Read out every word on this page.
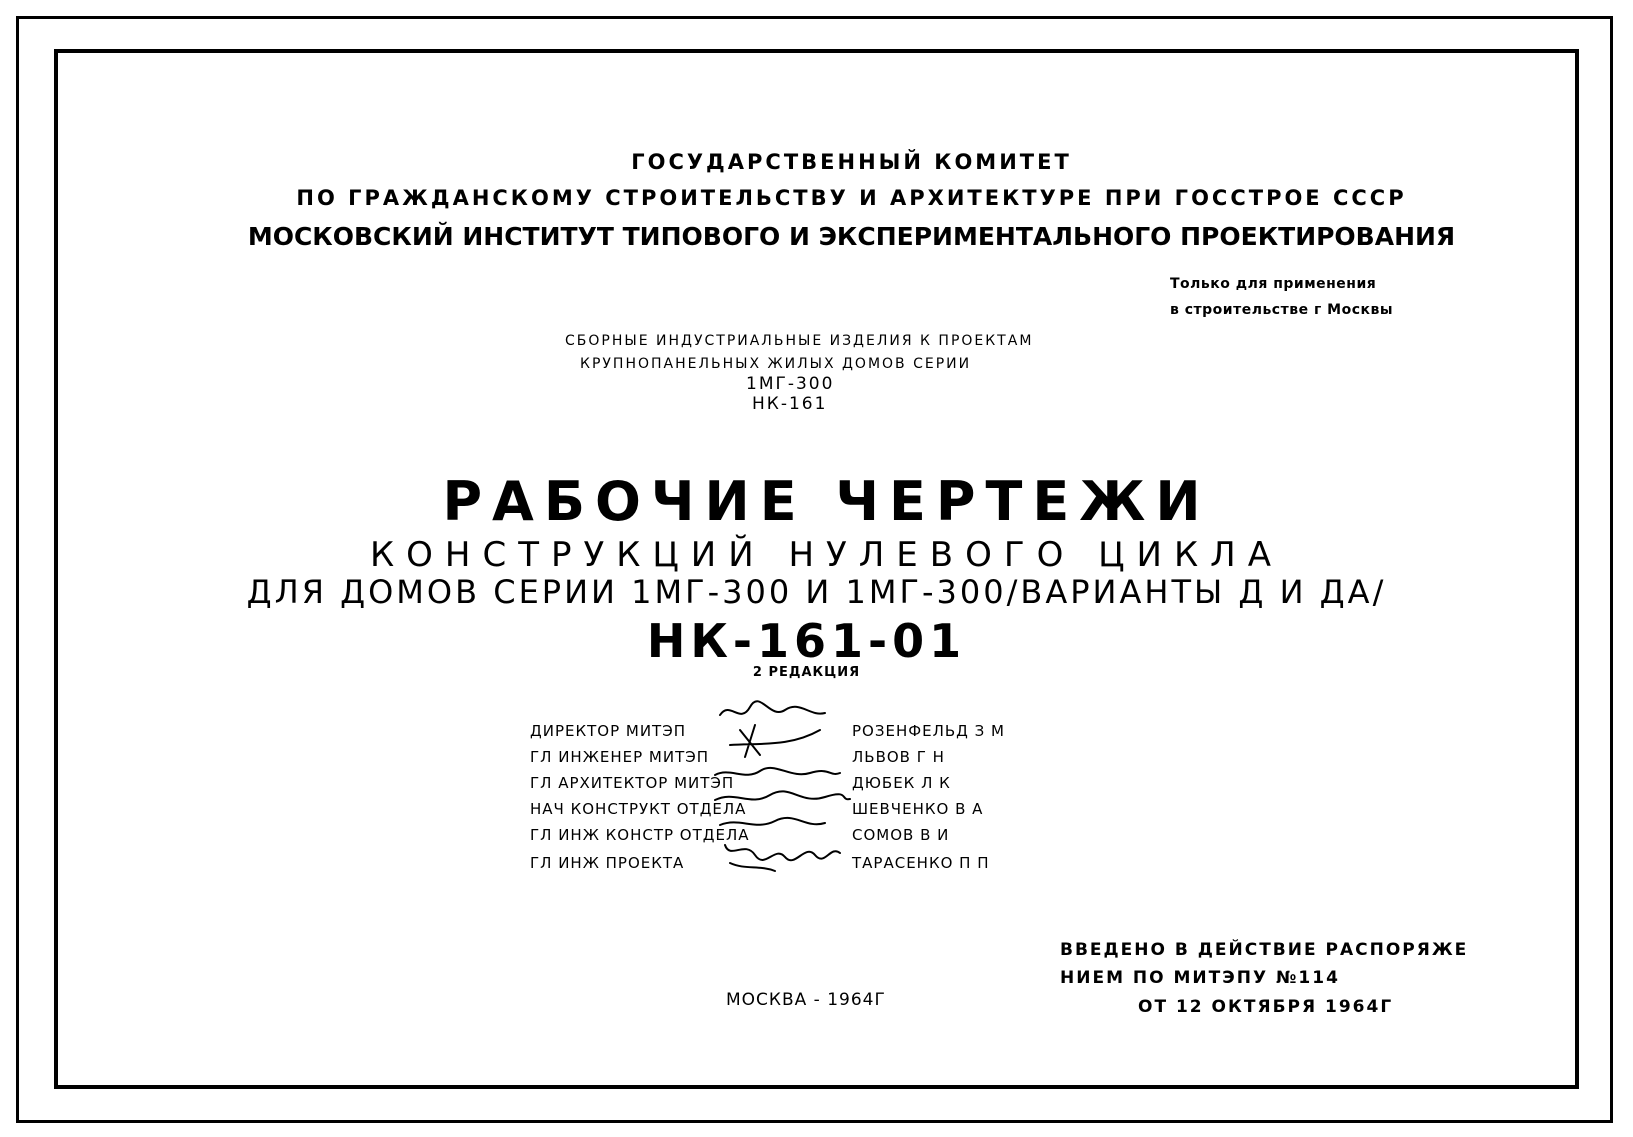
ГОСУДАРСТВЕННЫЙ КОМИТЕТ
ПО ГРАЖДАНСКОМУ СТРОИТЕЛЬСТВУ И АРХИТЕКТУРЕ ПРИ ГОССТРОЕ СССР
МОСКОВСКИЙ ИНСТИТУТ ТИПОВОГО И ЭКСПЕРИМЕНТАЛЬНОГО ПРОЕКТИРОВАНИЯ
Только для применения
в строительстве г Москвы
СБОРНЫЕ ИНДУСТРИАЛЬНЫЕ ИЗДЕЛИЯ К ПРОЕКТАМ
КРУПНОПАНЕЛЬНЫХ ЖИЛЫХ ДОМОВ СЕРИИ
1МГ-300
НК-161
РАБОЧИЕ ЧЕРТЕЖИ
КОНСТРУКЦИЙ НУЛЕВОГО ЦИКЛА
ДЛЯ ДОМОВ СЕРИИ 1МГ-300 И 1МГ-300/ВАРИАНТЫ Д И ДА/
НК-161-01
2 РЕДАКЦИЯ
ДИРЕКТОР МИТЭП	РОЗЕНФЕЛЬД З М
ГЛ ИНЖЕНЕР МИТЭП	ЛЬВОВ Г Н
ГЛ АРХИТЕКТОР МИТЭП	ДЮБЕК Л К
НАЧ КОНСТРУКТ ОТДЕЛА	ШЕВЧЕНКО В А
ГЛ ИНЖ КОНСТР ОТДЕЛА	СОМОВ В И
ГЛ ИНЖ ПРОЕКТА	ТАРАСЕНКО П П
МОСКВА - 1964Г
ВВЕДЕНО В ДЕЙСТВИЕ РАСПОРЯЖЕ
НИЕМ ПО МИТЭПУ №114
ОТ 12 ОКТЯБРЯ 1964Г
